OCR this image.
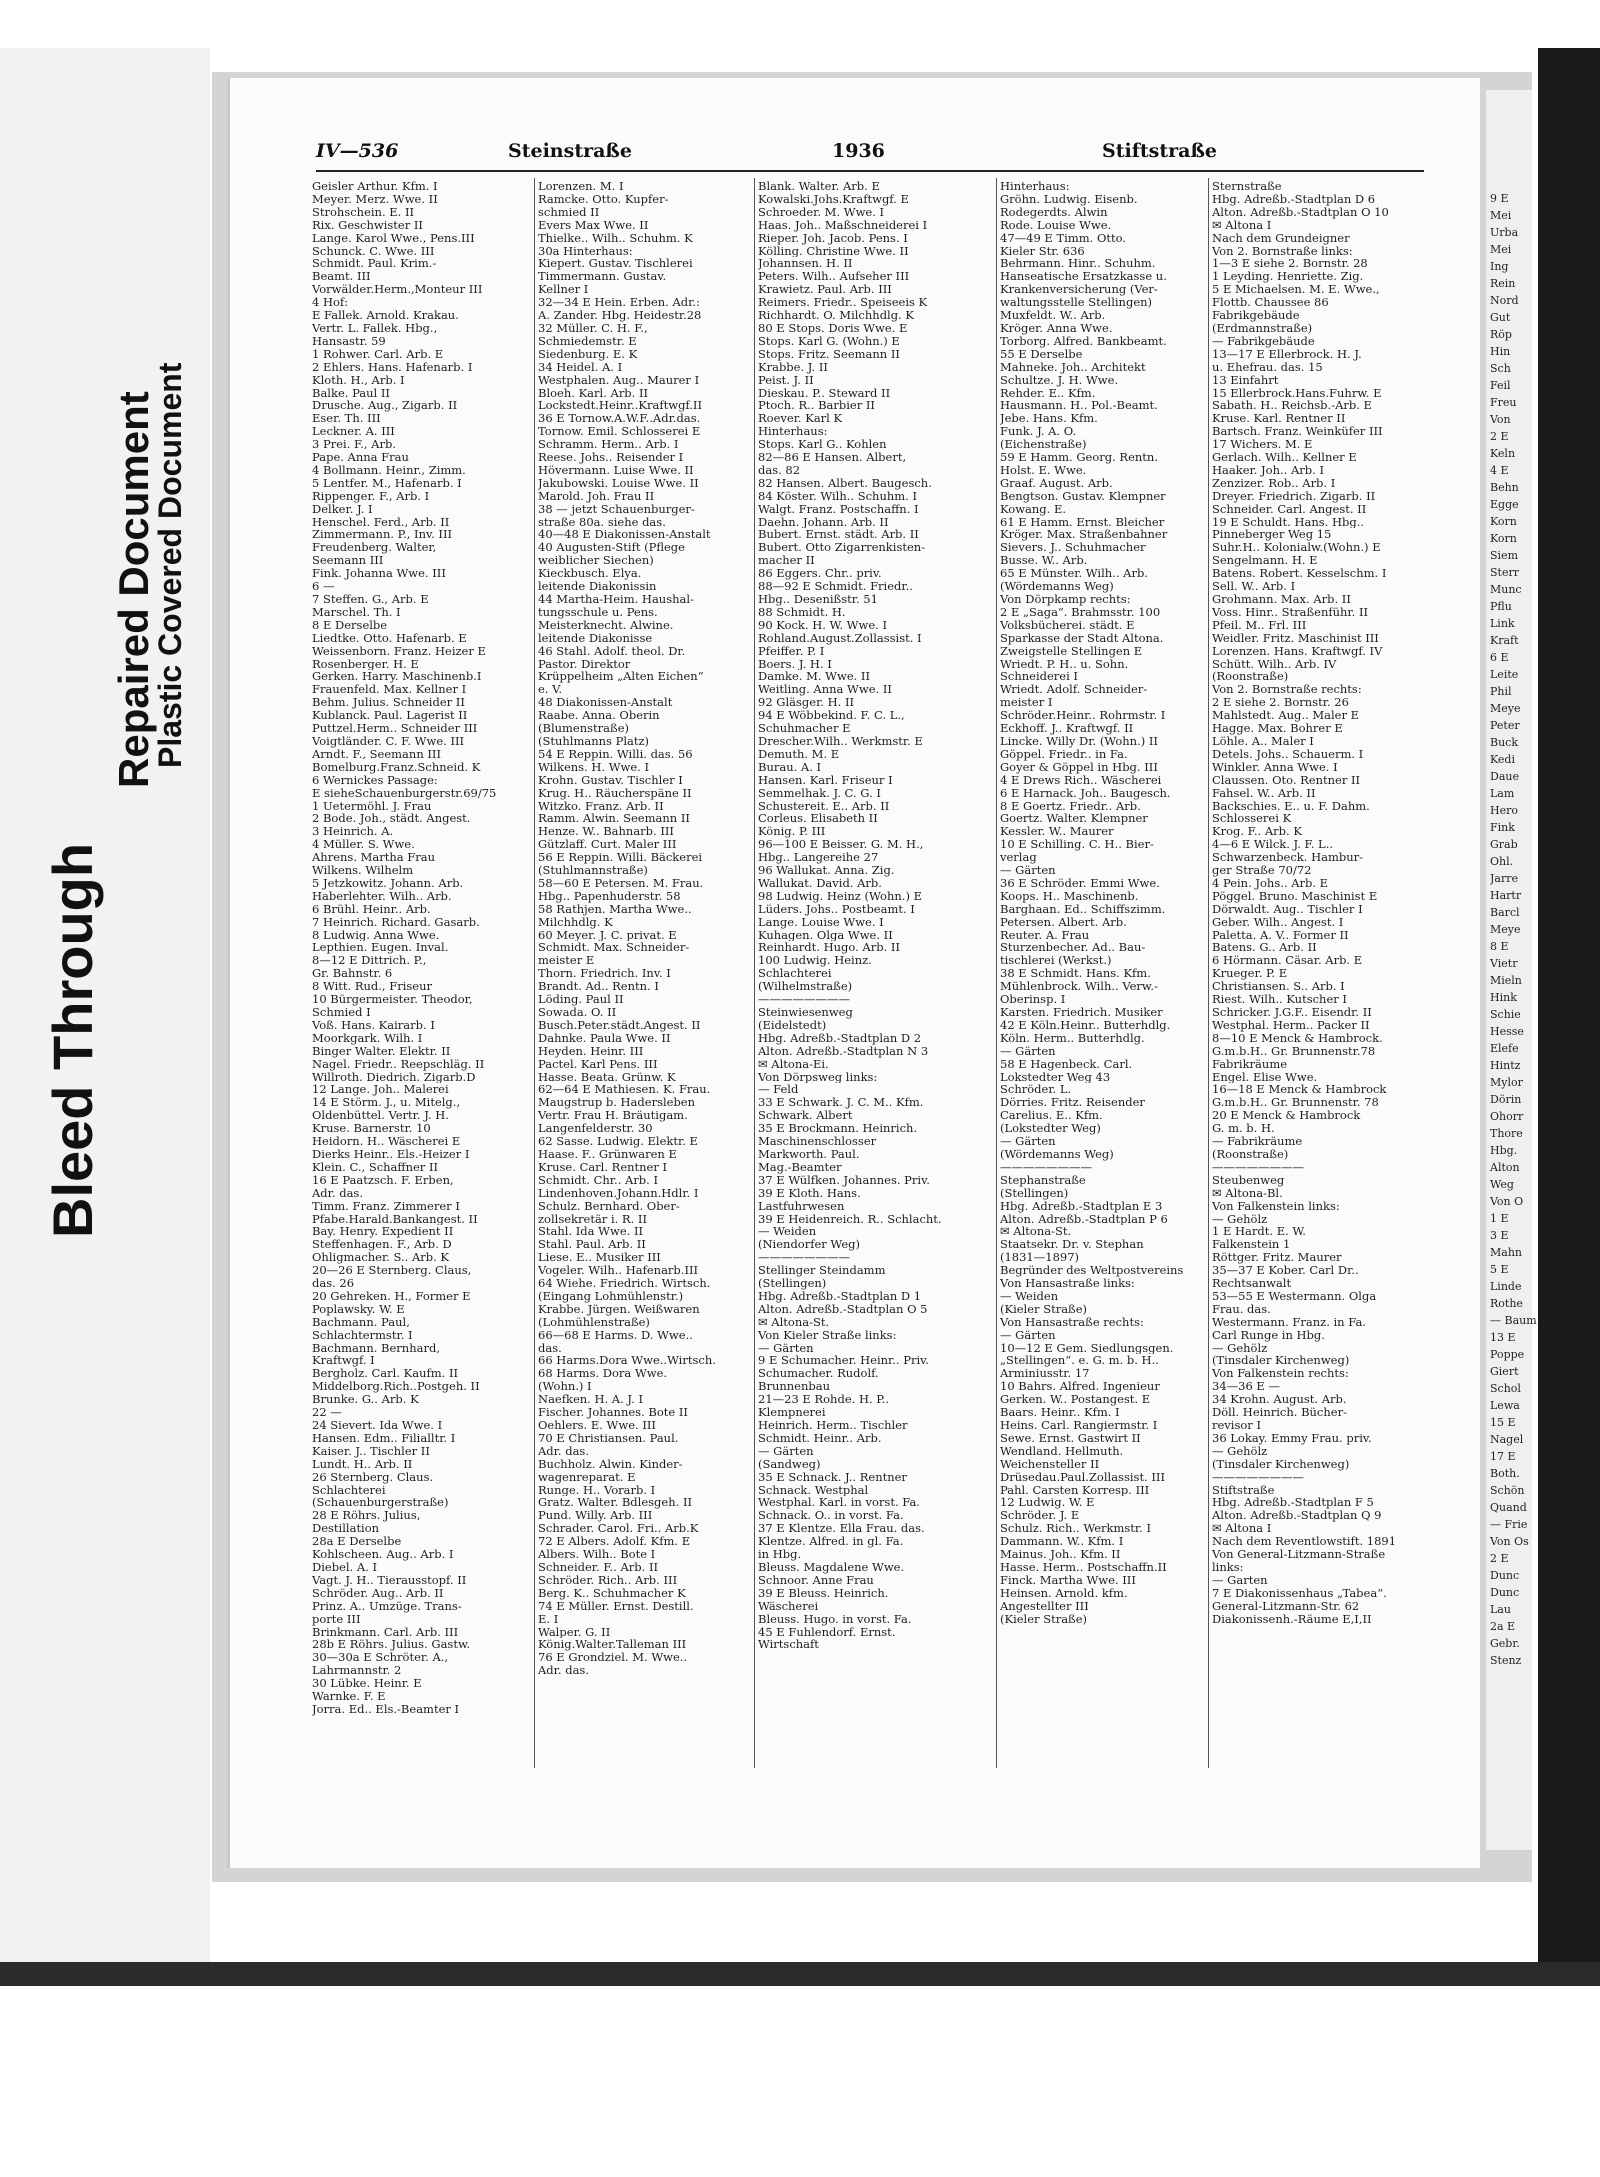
Bleed Through
Repaired Document
Plastic Covered Document
9 E
Mei
Urba
Mei
Ing
Rein
Nord
Gut
Röp
Hin
Sch
Feil
Freu
Von
2 E
Keln
4 E
Behn
Egge
Korn
Korn
Siem
Sterr
Munc
Pflu
Link
Kraft
6 E
Leite
Phil
Meye
Peter
Buck
Kedi
Daue
Lam
Hero
Fink
Grab
Ohl.
Jarre
Hartr
Barcl
Meye
8 E
Vietr
Mieln
Hink
Schie
Hesse
Elefe
Hintz
Mylor
Dörin
Ohorr
Thore
Hbg.
Alton
Weg
Von O
1 E
3 E
Mahn
5 E
Linde
Rothe
— Baum
13 E
Poppe
Giert
Schol
Lewa
15 E
Nagel
17 E
Both.
Schön
Quand
— Frie
Von Os
2 E
Dunc
Dunc
Lau
2a E
Gebr.
Stenz
IV—536	Steinstraße	1936	Stiftstraße
Geisler Arthur. Kfm. I
Meyer. Merz. Wwe. II
Strohschein. E. II
Rix. Geschwister II
Lange. Karol Wwe., Pens.III
Schunck. C. Wwe. III
Schmidt. Paul. Krim.-
Beamt. III
Vorwälder.Herm.,Monteur III
4 Hof:
E Fallek. Arnold. Krakau.
Vertr. L. Fallek. Hbg.,
Hansastr. 59
1 Rohwer. Carl. Arb. E
2 Ehlers. Hans. Hafenarb. I
Kloth. H., Arb. I
Balke. Paul II
Drusche. Aug., Zigarb. II
Eser. Th. III
Leckner. A. III
3 Prei. F., Arb.
Pape. Anna Frau
4 Bollmann. Heinr., Zimm.
5 Lentfer. M., Hafenarb. I
Rippenger. F., Arb. I
Delker. J. I
Henschel. Ferd., Arb. II
Zimmermann. P., Inv. III
Freudenberg. Walter,
Seemann III
Fink. Johanna Wwe. III
6 —
7 Steffen. G., Arb. E
Marschel. Th. I
8 E Derselbe
Liedtke. Otto. Hafenarb. E
Weissenborn. Franz. Heizer E
Rosenberger. H. E
Gerken. Harry. Maschinenb.I
Frauenfeld. Max. Kellner I
Behm. Julius. Schneider II
Kublanck. Paul. Lagerist II
Puttzel.Herm.. Schneider III
Voigtländer. C. F. Wwe. III
Arndt. F., Seemann III
Bomelburg.Franz.Schneid. K
6 Wernickes Passage:
E sieheSchauenburgerstr.69/75
1 Uetermöhl. J. Frau
2 Bode. Joh., städt. Angest.
3 Heinrich. A.
4 Müller. S. Wwe.
Ahrens. Martha Frau
Wilkens. Wilhelm
5 Jetzkowitz. Johann. Arb.
Haberlehter. Wilh.. Arb.
6 Brühl. Heinr.. Arb.
7 Heinrich. Richard. Gasarb.
8 Ludwig. Anna Wwe.
Lepthien. Eugen. Inval.
8—12 E Dittrich. P.,
Gr. Bahnstr. 6
8 Witt. Rud., Friseur
10 Bürgermeister. Theodor,
Schmied I
Voß. Hans. Kairarb. I
Moorkgark. Wilh. I
Binger Walter. Elektr. II
Nagel. Friedr.. Reepschläg. II
Willroth. Diedrich. Zigarb.D
12 Lange. Joh.. Malerei
14 E Störm. J., u. Mitelg.,
Oldenbüttel. Vertr. J. H.
Kruse. Barnerstr. 10
Heidorn. H.. Wäscherei E
Dierks Heinr.. Els.-Heizer I
Klein. C., Schaffner II
16 E Paatzsch. F. Erben,
Adr. das.
Timm. Franz. Zimmerer I
Pfabe.Harald.Bankangest. II
Bay. Henry. Expedient II
Steffenhagen. F., Arb. D
Ohligmacher. S.. Arb. K
20—26 E Sternberg. Claus,
das. 26
20 Gehreken. H., Former E
Poplawsky. W. E
Bachmann. Paul,
Schlachtermstr. I
Bachmann. Bernhard,
Kraftwgf. I
Bergholz. Carl. Kaufm. II
Middelborg.Rich..Postgeh. II
Brunke. G.. Arb. K
22 —
24 Sievert. Ida Wwe. I
Hansen. Edm.. Filialltr. I
Kaiser. J.. Tischler II
Lundt. H.. Arb. II
26 Sternberg. Claus.
Schlachterei
(Schauenburgerstraße)
28 E Röhrs. Julius,
Destillation
28a E Derselbe
Kohlscheen. Aug.. Arb. I
Diebel. A. I
Vagt. J. H.. Tierausstopf. II
Schröder. Aug.. Arb. II
Prinz. A.. Umzüge. Trans-
porte III
Brinkmann. Carl. Arb. III
28b E Röhrs. Julius. Gastw.
30—30a E Schröter. A.,
Lahrmannstr. 2
30 Lübke. Heinr. E
Warnke. F. E
Jorra. Ed.. Els.-Beamter I
Lorenzen. M. I
Ramcke. Otto. Kupfer-
schmied II
Evers Max Wwe. II
Thielke.. Wilh.. Schuhm. K
30a Hinterhaus:
Kiepert. Gustav. Tischlerei
Timmermann. Gustav.
Kellner I
32—34 E Hein. Erben. Adr.:
A. Zander. Hbg. Heidestr.28
32 Müller. C. H. F.,
Schmiedemstr. E
Siedenburg. E. K
34 Heidel. A. I
Westphalen. Aug.. Maurer I
Bloeh. Karl. Arb. II
Lockstedt.Heinr..Kraftwgf.II
36 E Tornow.A.W.F..Adr.das.
Tornow. Emil. Schlosserei E
Schramm. Herm.. Arb. I
Reese. Johs.. Reisender I
Hövermann. Luise Wwe. II
Jakubowski. Louise Wwe. II
Marold. Joh. Frau II
38 — jetzt Schauenburger-
straße 80a. siehe das.
40—48 E Diakonissen-Anstalt
40 Augusten-Stift (Pflege
weiblicher Siechen)
Kieckbusch. Elya.
leitende Diakonissin
44 Martha-Heim. Haushal-
tungsschule u. Pens.
Meisterknecht. Alwine.
leitende Diakonisse
46 Stahl. Adolf. theol. Dr.
Pastor. Direktor
Krüppelheim „Alten Eichen“
e. V.
48 Diakonissen-Anstalt
Raabe. Anna. Oberin
(Blumenstraße)
(Stuhlmanns Platz)
54 E Reppin. Willi. das. 56
Wilkens. H. Wwe. I
Krohn. Gustav. Tischler I
Krug. H.. Räucherspäne II
Witzko. Franz. Arb. II
Ramm. Alwin. Seemann II
Henze. W.. Bahnarb. III
Gützlaff. Curt. Maler III
56 E Reppin. Willi. Bäckerei
(Stuhlmannstraße)
58—60 E Petersen. M. Frau.
Hbg.. Papenhuderstr. 58
58 Rathjen. Martha Wwe..
Milchhdlg. K
60 Meyer. J. C. privat. E
Schmidt. Max. Schneider-
meister E
Thorn. Friedrich. Inv. I
Brandt. Ad.. Rentn. I
Löding. Paul II
Sowada. O. II
Busch.Peter.städt.Angest. II
Dahnke. Paula Wwe. II
Heyden. Heinr. III
Pactel. Karl Pens. III
Hasse. Beata. Grünw. K
62—64 E Mathiesen. K. Frau.
Maugstrup b. Hadersleben
Vertr. Frau H. Bräutigam.
Langenfelderstr. 30
62 Sasse. Ludwig. Elektr. E
Haase. F.. Grünwaren E
Kruse. Carl. Rentner I
Schmidt. Chr.. Arb. I
Lindenhoven.Johann.Hdlr. I
Schulz. Bernhard. Ober-
zollsekretär i. R. II
Stahl. Ida Wwe. II
Stahl. Paul. Arb. II
Liese. E.. Musiker III
Vogeler. Wilh.. Hafenarb.III
64 Wiehe. Friedrich. Wirtsch.
(Eingang Lohmühlenstr.)
Krabbe. Jürgen. Weißwaren
(Lohmühlenstraße)
66—68 E Harms. D. Wwe..
das.
66 Harms.Dora Wwe..Wirtsch.
68 Harms. Dora Wwe.
(Wohn.) I
Naefken. H. A. J. I
Fischer. Johannes. Bote II
Oehlers. E. Wwe. III
70 E Christiansen. Paul.
Adr. das.
Buchholz. Alwin. Kinder-
wagenreparat. E
Runge. H.. Vorarb. I
Gratz. Walter. Bdlesgeh. II
Pund. Willy. Arb. III
Schrader. Carol. Fri.. Arb.K
72 E Albers. Adolf. Kfm. E
Albers. Wilh.. Bote I
Schneider. F.. Arb. II
Schröder. Rich.. Arb. III
Berg. K.. Schuhmacher K
74 E Müller. Ernst. Destill.
E. I
Walper. G. II
König.Walter.Talleman III
76 E Grondziel. M. Wwe..
Adr. das.
Blank. Walter. Arb. E
Kowalski.Johs.Kraftwgf. E
Schroeder. M. Wwe. I
Haas. Joh.. Maßschneiderei I
Rieper. Joh. Jacob. Pens. I
Kölling. Christine Wwe. II
Johannsen. H. II
Peters. Wilh.. Aufseher III
Krawietz. Paul. Arb. III
Reimers. Friedr.. Speiseeis K
Richhardt. O. Milchhdlg. K
80 E Stops. Doris Wwe. E
Stops. Karl G. (Wohn.) E
Stops. Fritz. Seemann II
Krabbe. J. II
Peist. J. II
Dieskau. P.. Steward II
Ptoch. R.. Barbier II
Roever. Karl K
Hinterhaus:
Stops. Karl G.. Kohlen
82—86 E Hansen. Albert,
das. 82
82 Hansen. Albert. Baugesch.
84 Köster. Wilh.. Schuhm. I
Walgt. Franz. Postschaffn. I
Daehn. Johann. Arb. II
Bubert. Ernst. städt. Arb. II
Bubert. Otto Zigarrenkisten-
macher II
86 Eggers. Chr.. priv.
88—92 E Schmidt. Friedr..
Hbg.. Desenißstr. 51
88 Schmidt. H.
90 Kock. H. W. Wwe. I
Rohland.August.Zollassist. I
Pfeiffer. P. I
Boers. J. H. I
Damke. M. Wwe. II
Weitling. Anna Wwe. II
92 Gläsger. H. II
94 E Wöbbekind. F. C. L.,
Schuhmacher E
Drescher.Wilh.. Werkmstr. E
Demuth. M. E
Burau. A. I
Hansen. Karl. Friseur I
Semmelhak. J. C. G. I
Schustereit. E.. Arb. II
Corleus. Elisabeth II
König. P. III
96—100 E Beisser. G. M. H.,
Hbg.. Langereihe 27
96 Wallukat. Anna. Zig.
Wallukat. David. Arb.
98 Ludwig. Heinz (Wohn.) E
Lüders. Johs.. Postbeamt. I
Lange. Louise Wwe. I
Kuhagen. Olga Wwe. II
Reinhardt. Hugo. Arb. II
100 Ludwig. Heinz.
Schlachterei
(Wilhelmstraße)
————————
Steinwiesenweg
(Eidelstedt)
Hbg. Adreßb.-Stadtplan D 2
Alton. Adreßb.-Stadtplan N 3
✉ Altona-Ei.
Von Dörpsweg links:
— Feld
33 E Schwark. J. C. M.. Kfm.
Schwark. Albert
35 E Brockmann. Heinrich.
Maschinenschlosser
Markworth. Paul.
Mag.-Beamter
37 E Wülfken. Johannes. Priv.
39 E Kloth. Hans.
Lastfuhrwesen
39 E Heidenreich. R.. Schlacht.
— Weiden
(Niendorfer Weg)
————————
Stellinger Steindamm
(Stellingen)
Hbg. Adreßb.-Stadtplan D 1
Alton. Adreßb.-Stadtplan O 5
✉ Altona-St.
Von Kieler Straße links:
— Gärten
9 E Schumacher. Heinr.. Priv.
Schumacher. Rudolf.
Brunnenbau
21—23 E Rohde. H. P..
Klempnerei
Heinrich. Herm.. Tischler
Schmidt. Heinr.. Arb.
— Gärten
(Sandweg)
35 E Schnack. J.. Rentner
Schnack. Westphal
Westphal. Karl. in vorst. Fa.
Schnack. O.. in vorst. Fa.
37 E Klentze. Ella Frau. das.
Klentze. Alfred. in gl. Fa.
in Hbg.
Bleuss. Magdalene Wwe.
Schnoor. Anne Frau
39 E Bleuss. Heinrich.
Wäscherei
Bleuss. Hugo. in vorst. Fa.
45 E Fuhlendorf. Ernst.
Wirtschaft
Hinterhaus:
Gröhn. Ludwig. Eisenb.
Rodegerdts. Alwin
Rode. Louise Wwe.
47—49 E Timm. Otto.
Kieler Str. 636
Behrmann. Hinr.. Schuhm.
Hanseatische Ersatzkasse u.
Krankenversicherung (Ver-
waltungsstelle Stellingen)
Muxfeldt. W.. Arb.
Kröger. Anna Wwe.
Torborg. Alfred. Bankbeamt.
55 E Derselbe
Mahneke. Joh.. Architekt
Schultze. J. H. Wwe.
Rehder. E.. Kfm.
Hausmann. H.. Pol.-Beamt.
Jebe. Hans. Kfm.
Funk. J. A. O.
(Eichenstraße)
59 E Hamm. Georg. Rentn.
Holst. E. Wwe.
Graaf. August. Arb.
Bengtson. Gustav. Klempner
Kowang. E.
61 E Hamm. Ernst. Bleicher
Kröger. Max. Straßenbahner
Sievers. J.. Schuhmacher
Busse. W.. Arb.
65 E Münster. Wilh.. Arb.
(Wördemanns Weg)
Von Dörpkamp rechts:
2 E „Saga“. Brahmsstr. 100
Volksbücherei. städt. E
Sparkasse der Stadt Altona.
Zweigstelle Stellingen E
Wriedt. P. H.. u. Sohn.
Schneiderei I
Wriedt. Adolf. Schneider-
meister I
Schröder.Heinr.. Rohrmstr. I
Eckhoff. J.. Kraftwgf. II
Lincke. Willy Dr. (Wohn.) II
Göppel. Friedr.. in Fa.
Goyer & Göppel in Hbg. III
4 E Drews Rich.. Wäscherei
6 E Harnack. Joh.. Baugesch.
8 E Goertz. Friedr.. Arb.
Goertz. Walter. Klempner
Kessler. W.. Maurer
10 E Schilling. C. H.. Bier-
verlag
— Gärten
36 E Schröder. Emmi Wwe.
Koops. H.. Maschinenb.
Barghaan. Ed.. Schiffszimm.
Petersen. Albert. Arb.
Reuter. A. Frau
Sturzenbecher. Ad.. Bau-
tischlerei (Werkst.)
38 E Schmidt. Hans. Kfm.
Mühlenbrock. Wilh.. Verw.-
Oberinsp. I
Karsten. Friedrich. Musiker
42 E Köln.Heinr.. Butterhdlg.
Köln. Herm.. Butterhdlg.
— Gärten
58 E Hagenbeck. Carl.
Lokstedter Weg 43
Schröder. L.
Dörries. Fritz. Reisender
Carelius. E.. Kfm.
(Lokstedter Weg)
— Gärten
(Wördemanns Weg)
————————
Stephanstraße
(Stellingen)
Hbg. Adreßb.-Stadtplan E 3
Alton. Adreßb.-Stadtplan P 6
✉ Altona-St.
Staatsekr. Dr. v. Stephan
(1831—1897)
Begründer des Weltpostvereins
Von Hansastraße links:
— Weiden
(Kieler Straße)
Von Hansastraße rechts:
— Gärten
10—12 E Gem. Siedlungsgen.
„Stellingen“. e. G. m. b. H..
Arminiusstr. 17
10 Bahrs. Alfred. Ingenieur
Gerken. W.. Postangest. E
Baars. Heinr.. Kfm. I
Heins. Carl. Rangiermstr. I
Sewe. Ernst. Gastwirt II
Wendland. Hellmuth.
Weichensteller II
Drüsedau.Paul.Zollassist. III
Pahl. Carsten Korresp. III
12 Ludwig. W. E
Schröder. J. E
Schulz. Rich.. Werkmstr. I
Dammann. W.. Kfm. I
Mainus. Joh.. Kfm. II
Hasse. Herm.. Postschaffn.II
Finck. Martha Wwe. III
Heinsen. Arnold. kfm.
Angestellter III
(Kieler Straße)
Sternstraße
Hbg. Adreßb.-Stadtplan D 6
Alton. Adreßb.-Stadtplan O 10
✉ Altona I
Nach dem Grundeigner
Von 2. Bornstraße links:
1—3 E siehe 2. Bornstr. 28
1 Leyding. Henriette. Zig.
5 E Michaelsen. M. E. Wwe.,
Flottb. Chaussee 86
Fabrikgebäude
(Erdmannstraße)
— Fabrikgebäude
13—17 E Ellerbrock. H. J.
u. Ehefrau. das. 15
13 Einfahrt
15 Ellerbrock.Hans.Fuhrw. E
Sabath. H.. Reichsb.-Arb. E
Kruse. Karl. Rentner II
Bartsch. Franz. Weinküfer III
17 Wichers. M. E
Gerlach. Wilh.. Kellner E
Haaker. Joh.. Arb. I
Zenzizer. Rob.. Arb. I
Dreyer. Friedrich. Zigarb. II
Schneider. Carl. Angest. II
19 E Schuldt. Hans. Hbg..
Pinneberger Weg 15
Suhr.H.. Kolonialw.(Wohn.) E
Sengelmann. H. E
Batens. Robert. Kesselschm. I
Sell. W.. Arb. I
Grohmann. Max. Arb. II
Voss. Hinr.. Straßenführ. II
Pfeil. M.. Frl. III
Weidler. Fritz. Maschinist III
Lorenzen. Hans. Kraftwgf. IV
Schütt. Wilh.. Arb. IV
(Roonstraße)
Von 2. Bornstraße rechts:
2 E siehe 2. Bornstr. 26
Mahlstedt. Aug.. Maler E
Hagge. Max. Bohrer E
Löhle. A.. Maler I
Detels. Johs.. Schauerm. I
Winkler. Anna Wwe. I
Claussen. Oto. Rentner II
Fahsel. W.. Arb. II
Backschies. E.. u. F. Dahm.
Schlosserei K
Krog. F.. Arb. K
4—6 E Wilck. J. F. L..
Schwarzenbeck. Hambur-
ger Straße 70/72
4 Pein. Johs.. Arb. E
Pöggel. Bruno. Maschinist E
Dörwaldt. Aug.. Tischler I
Geber. Wilh.. Angest. I
Paletta. A. V.. Former II
Batens. G.. Arb. II
6 Hörmann. Cäsar. Arb. E
Krueger. P. E
Christiansen. S.. Arb. I
Riest. Wilh.. Kutscher I
Schricker. J.G.F.. Eisendr. II
Westphal. Herm.. Packer II
8—10 E Menck & Hambrock.
G.m.b.H.. Gr. Brunnenstr.78
Fabrikräume
Engel. Elise Wwe.
16—18 E Menck & Hambrock
G.m.b.H.. Gr. Brunnenstr. 78
20 E Menck & Hambrock
G. m. b. H.
— Fabrikräume
(Roonstraße)
————————
Steubenweg
✉ Altona-Bl.
Von Falkenstein links:
— Gehölz
1 E Hardt. E. W.
Falkenstein 1
Röttger. Fritz. Maurer
35—37 E Kober. Carl Dr..
Rechtsanwalt
53—55 E Westermann. Olga
Frau. das.
Westermann. Franz. in Fa.
Carl Runge in Hbg.
— Gehölz
(Tinsdaler Kirchenweg)
Von Falkenstein rechts:
34—36 E —
34 Krohn. August. Arb.
Döll. Heinrich. Bücher-
revisor I
36 Lokay. Emmy Frau. priv.
— Gehölz
(Tinsdaler Kirchenweg)
————————
Stiftstraße
Hbg. Adreßb.-Stadtplan F 5
Alton. Adreßb.-Stadtplan Q 9
✉ Altona I
Nach dem Reventlowstift. 1891
Von General-Litzmann-Straße
links:
— Garten
7 E Diakonissenhaus „Tabea“.
General-Litzmann-Str. 62
Diakonissenh.-Räume E,I,II
